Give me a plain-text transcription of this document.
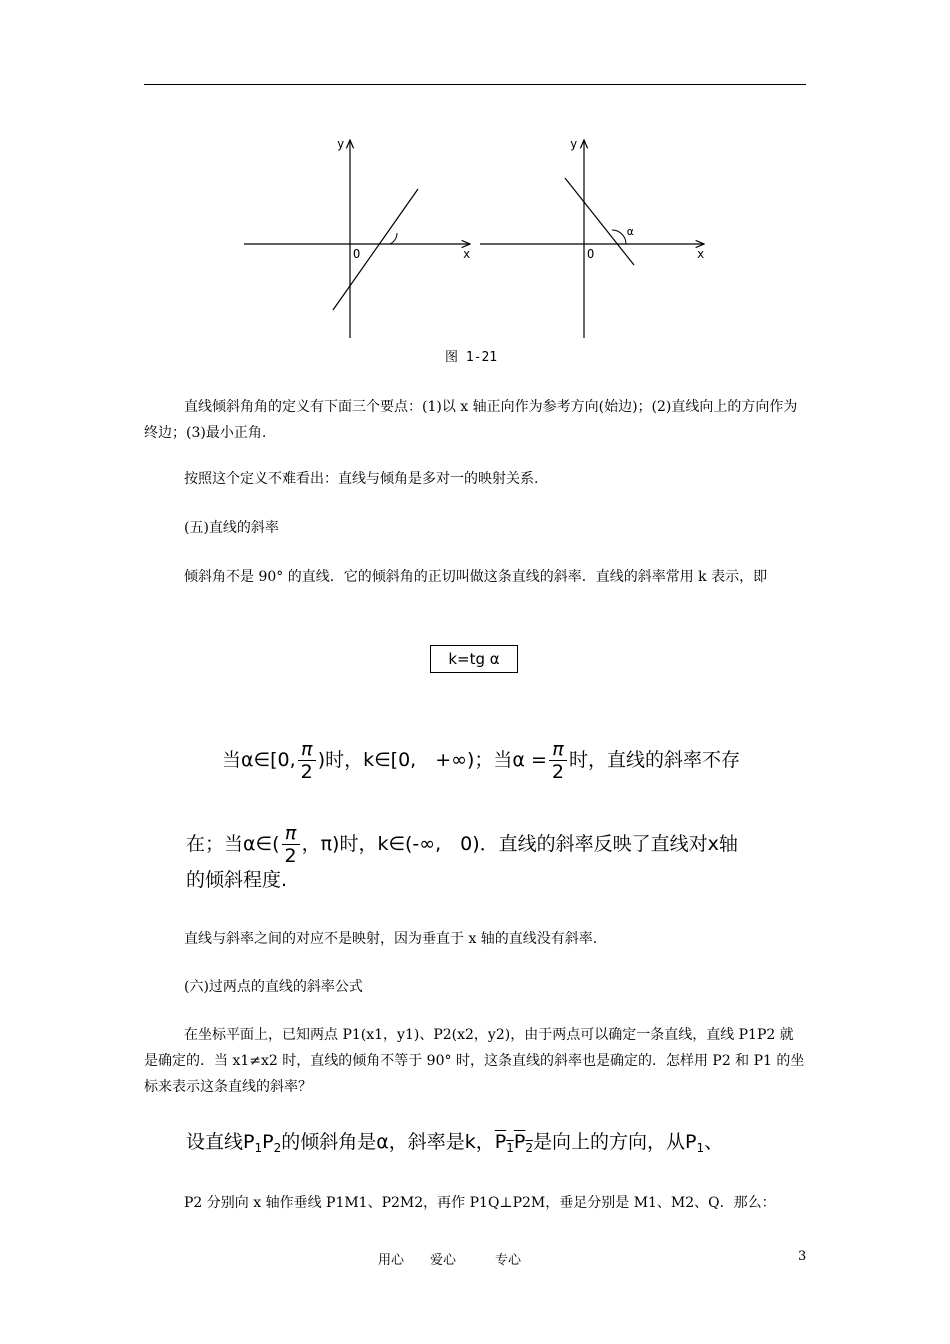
y
x
O
y
x
O
α
图 1-21
直线倾斜角角的定义有下面三个要点：(1)以 x 轴正向作为参考方向(始边)；(2)直线向上的方向作为终边；(3)最小正角.
按照这个定义不难看出：直线与倾角是多对一的映射关系.
(五)直线的斜率
倾斜角不是 90° 的直线．它的倾斜角的正切叫做这条直线的斜率．直线的斜率常用 k 表示，即
k=tg α
当α∈[0, $\frac{\pi}{2}$ )时，k∈[0,　+∞)；当$\alpha = \frac{\pi}{2}$ 时，直线的斜率不存
在；当α∈( $\frac{\pi}{2}$ ，π)时，k∈(-∞,　0)．直线的斜率反映了直线对x轴
的倾斜程度.
直线与斜率之间的对应不是映射，因为垂直于 x 轴的直线没有斜率.
(六)过两点的直线的斜率公式
在坐标平面上，已知两点 P1(x1，y1)、P2(x2，y2)，由于两点可以确定一条直线，直线 P1P2 就是确定的．当 x1≠x2 时，直线的倾角不等于 90° 时，这条直线的斜率也是确定的．怎样用 P2 和 P1 的坐标来表示这条直线的斜率？
设直线$P_1P_2$的倾斜角是α，斜率是k，$P_1P_2$是向上的方向，从$P_1$、
P2 分别向 x 轴作垂线 P1M1、P2M2，再作 P1Q⊥P2M，垂足分别是 M1、M2、Q．那么：
用心　　爱心　　　专心	3
